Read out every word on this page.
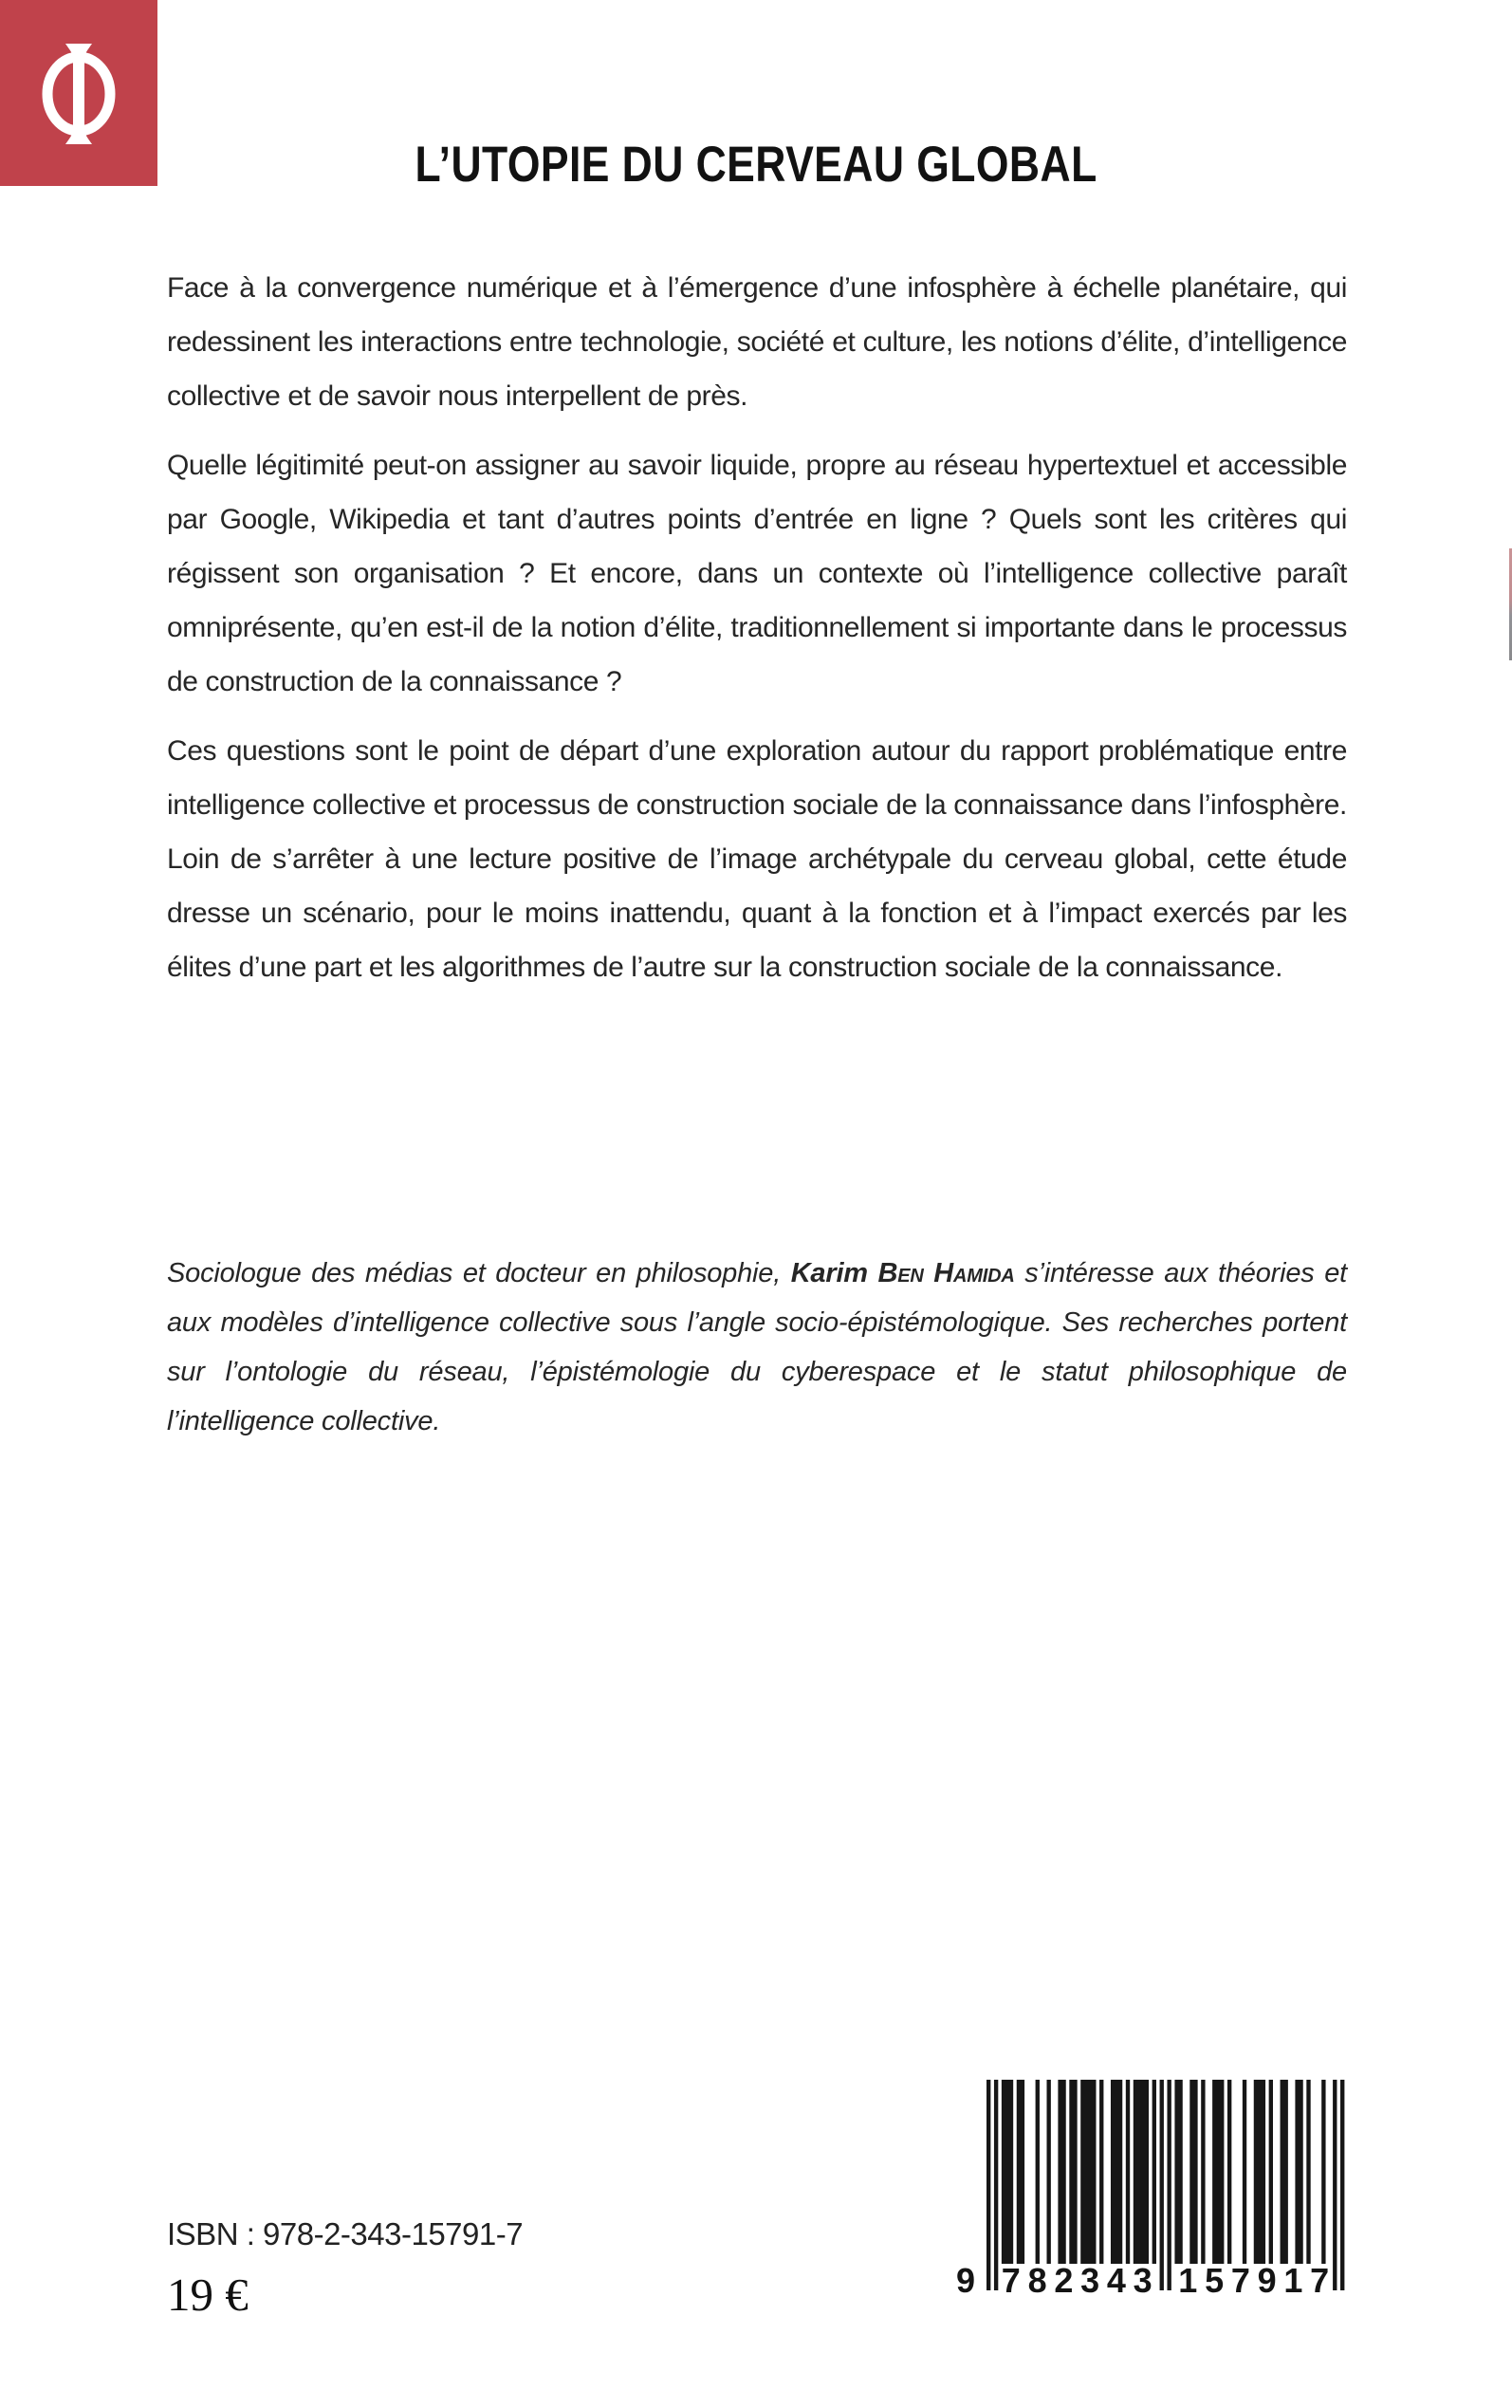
L’UTOPIE DU CERVEAU GLOBAL

Face à la convergence numérique et à l’émergence d’une infosphère à échelle planétaire, qui redessinent les interactions entre technologie, société et culture, les notions d’élite, d’intelligence collective et de savoir nous interpellent de près.

Quelle légitimité peut-on assigner au savoir liquide, propre au réseau hypertextuel et accessible par Google, Wikipedia et tant d’autres points d’entrée en ligne ? Quels sont les critères qui régissent son organisation ? Et encore, dans un contexte où l’intelligence collective paraît omniprésente, qu’en est-il de la notion d’élite, traditionnellement si importante dans le processus de construction de la connaissance ?

Ces questions sont le point de départ d’une exploration autour du rapport problématique entre intelligence collective et processus de construction sociale de la connaissance dans l’infosphère. Loin de s’arrêter à une lecture positive de l’image archétypale du cerveau global, cette étude dresse un scénario, pour le moins inattendu, quant à la fonction et à l’impact exercés par les élites d’une part et les algorithmes de l’autre sur la construction sociale de la connaissance.

Sociologue des médias et docteur en philosophie, Karim Ben Hamida s’intéresse aux théories et aux modèles d’intelligence collective sous l’angle socio-épistémologique. Ses recherches portent sur l’ontologie du réseau, l’épistémologie du cyberespace et le statut philosophique de l’intelligence collective.

ISBN : 978-2-343-15791-7
19 €	9 7 8 2 3 4 3 1 5 7 9 1 7
